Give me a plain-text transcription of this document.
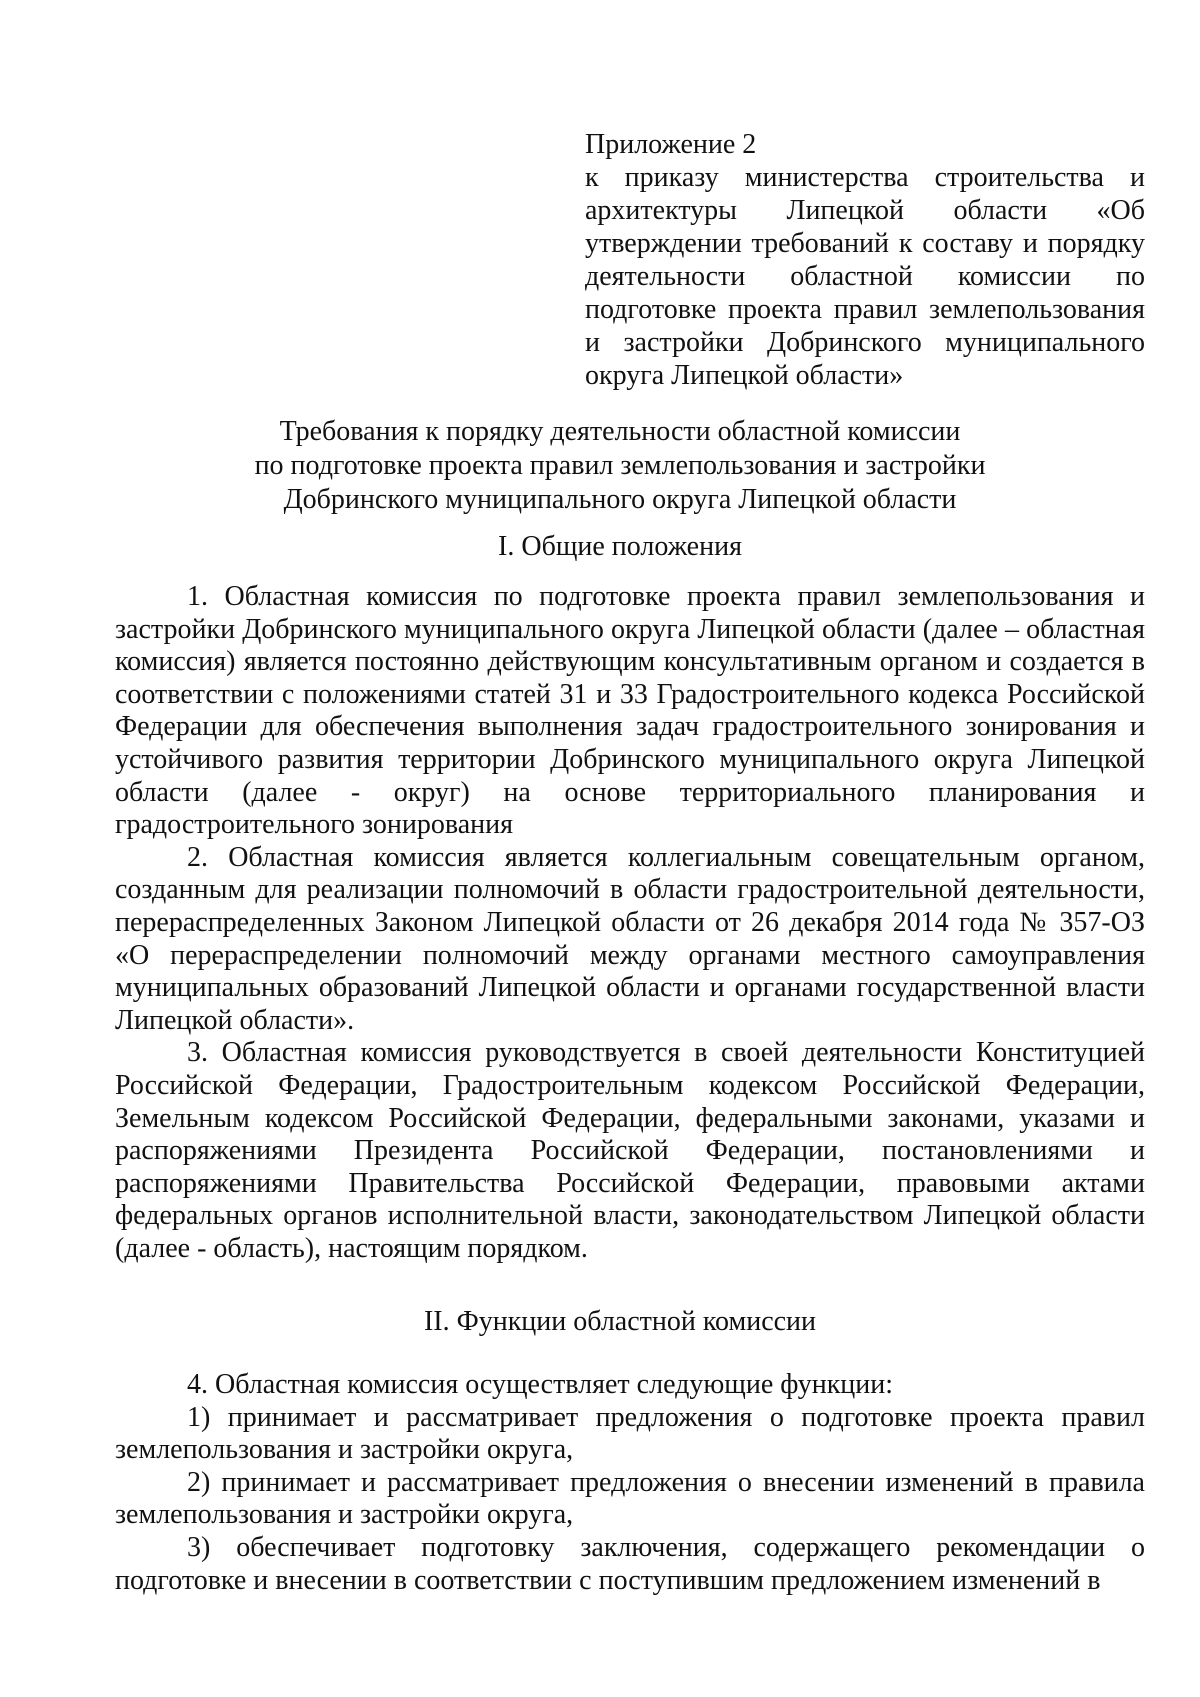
Приложение 2
к приказу министерства строительства и архитектуры Липецкой области «Об утверждении требований к составу и порядку деятельности областной комиссии по подготовке проекта правил землепользования и застройки Добринского муниципального округа Липецкой области»
Требования к порядку деятельности областной комиссии
по подготовке проекта правил землепользования и застройки
Добринского муниципального округа Липецкой области
I. Общие положения

1. Областная комиссия по подготовке проекта правил землепользования и застройки Добринского муниципального округа Липецкой области (далее – областная комиссия) является постоянно действующим консультативным органом и создается в соответствии с положениями статей 31 и 33 Градостроительного кодекса Российской Федерации для обеспечения выполнения задач градостроительного зонирования и устойчивого развития территории Добринского муниципального округа Липецкой области (далее - округ) на основе территориального планирования и градостроительного зонирования

2. Областная комиссия является коллегиальным совещательным органом, созданным для реализации полномочий в области градостроительной деятельности, перераспределенных Законом Липецкой области от 26 декабря 2014 года № 357-ОЗ «О перераспределении полномочий между органами местного самоуправления муниципальных образований Липецкой области и органами государственной власти Липецкой области».

3. Областная комиссия руководствуется в своей деятельности Конституцией Российской Федерации, Градостроительным кодексом Российской Федерации, Земельным кодексом Российской Федерации, федеральными законами, указами и распоряжениями Президента Российской Федерации, постановлениями и распоряжениями Правительства Российской Федерации, правовыми актами федеральных органов исполнительной власти, законодательством Липецкой области (далее - область), настоящим порядком.

II. Функции областной комиссии

4. Областная комиссия осуществляет следующие функции:

1) принимает и рассматривает предложения о подготовке проекта правил землепользования и застройки округа,

2) принимает и рассматривает предложения о внесении изменений в правила землепользования и застройки округа,

3) обеспечивает подготовку заключения, содержащего рекомендации о подготовке и внесении в соответствии с поступившим предложением изменений в
